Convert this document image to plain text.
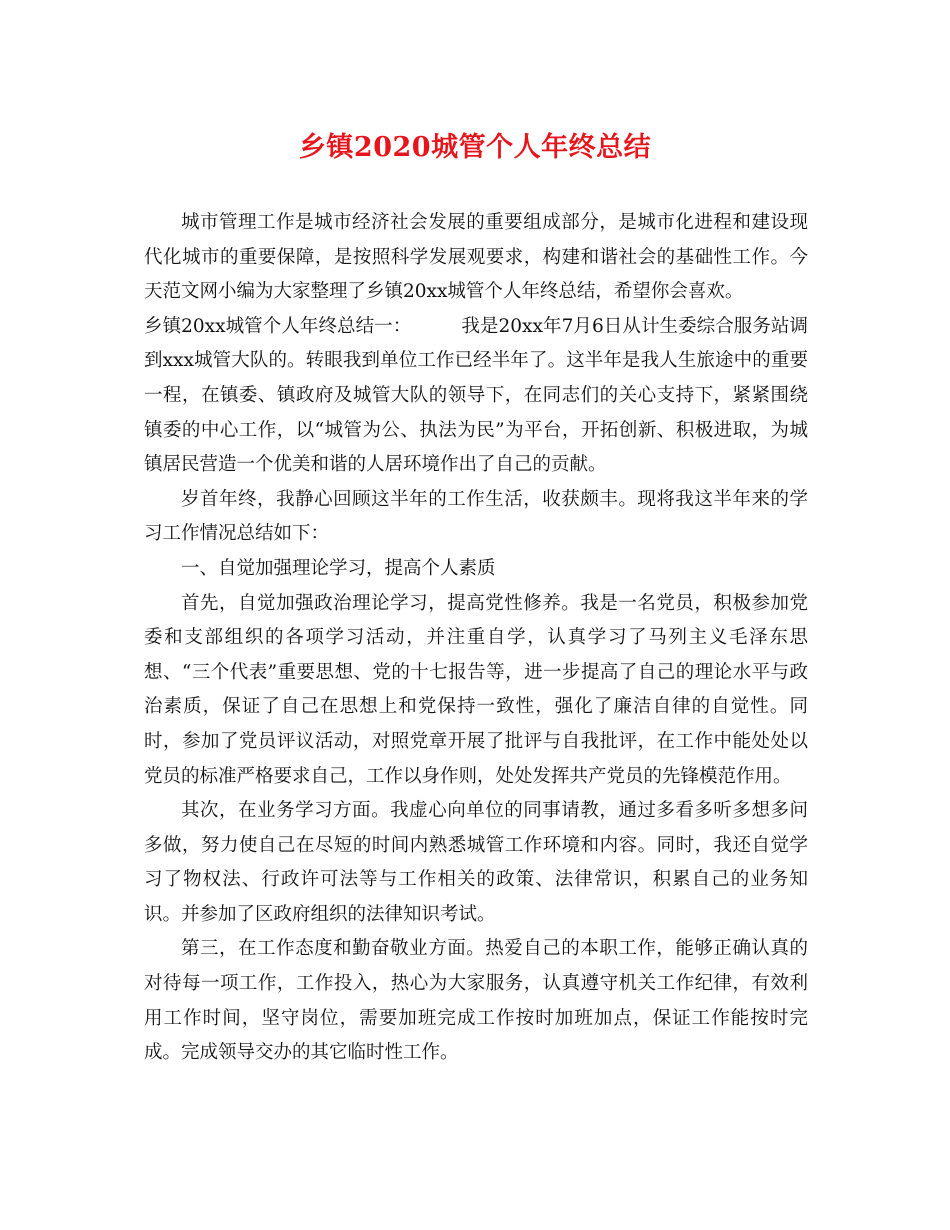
乡镇2020城管个人年终总结

城市管理工作是城市经济社会发展的重要组成部分，是城市化进程和建设现代化城市的重要保障，是按照科学发展观要求，构建和谐社会的基础性工作。今天范文网小编为大家整理了乡镇20xx城管个人年终总结，希望你会喜欢。

乡镇20xx城管个人年终总结一：	我是20xx年7月6日从计生委综合服务站调到xxx城管大队的。转眼我到单位工作已经半年了。这半年是我人生旅途中的重要一程，在镇委、镇政府及城管大队的领导下，在同志们的关心支持下，紧紧围绕镇委的中心工作，以“城管为公、执法为民”为平台，开拓创新、积极进取，为城镇居民营造一个优美和谐的人居环境作出了自己的贡献。

岁首年终，我静心回顾这半年的工作生活，收获颇丰。现将我这半年来的学习工作情况总结如下：

一、自觉加强理论学习，提高个人素质

首先，自觉加强政治理论学习，提高党性修养。我是一名党员，积极参加党委和支部组织的各项学习活动，并注重自学，认真学习了马列主义毛泽东思想、“三个代表”重要思想、党的十七报告等，进一步提高了自己的理论水平与政治素质，保证了自己在思想上和党保持一致性，强化了廉洁自律的自觉性。同时，参加了党员评议活动，对照党章开展了批评与自我批评，在工作中能处处以党员的标准严格要求自己，工作以身作则，处处发挥共产党员的先锋模范作用。

其次，在业务学习方面。我虚心向单位的同事请教，通过多看多听多想多问多做，努力使自己在尽短的时间内熟悉城管工作环境和内容。同时，我还自觉学习了物权法、行政许可法等与工作相关的政策、法律常识，积累自己的业务知识。并参加了区政府组织的法律知识考试。

第三，在工作态度和勤奋敬业方面。热爱自己的本职工作，能够正确认真的对待每一项工作，工作投入，热心为大家服务，认真遵守机关工作纪律，有效利用工作时间，坚守岗位，需要加班完成工作按时加班加点，保证工作能按时完成。完成领导交办的其它临时性工作。
